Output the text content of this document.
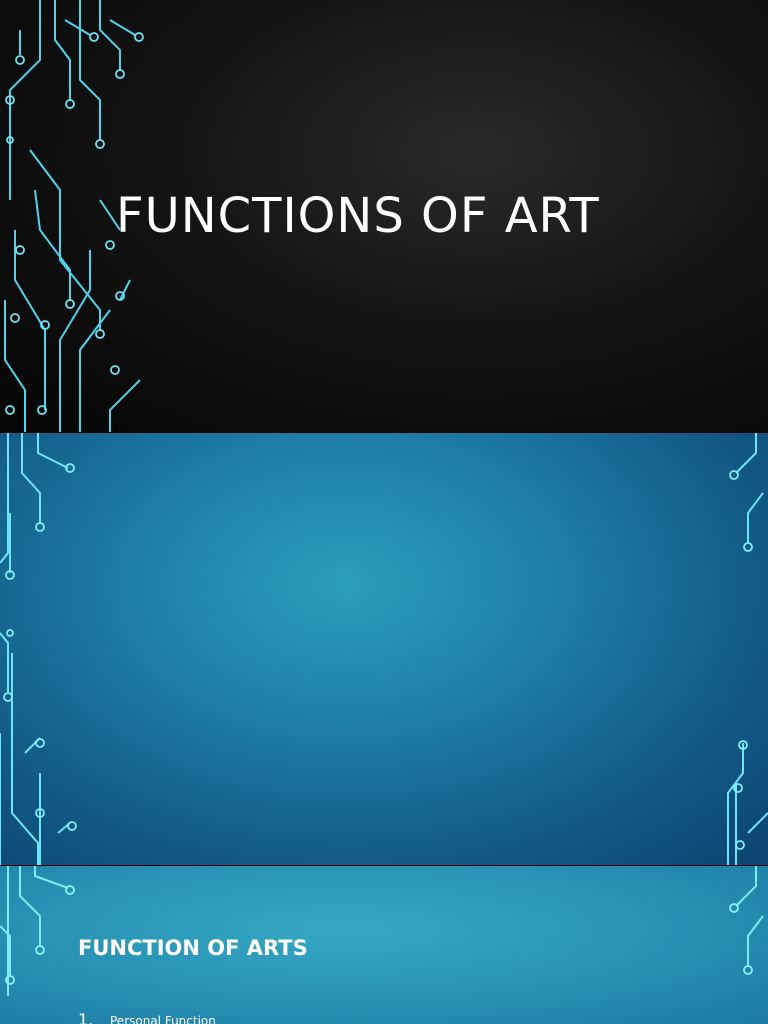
FUNCTIONS OF ART
FUNCTION OF ARTS
1.	Personal Function
